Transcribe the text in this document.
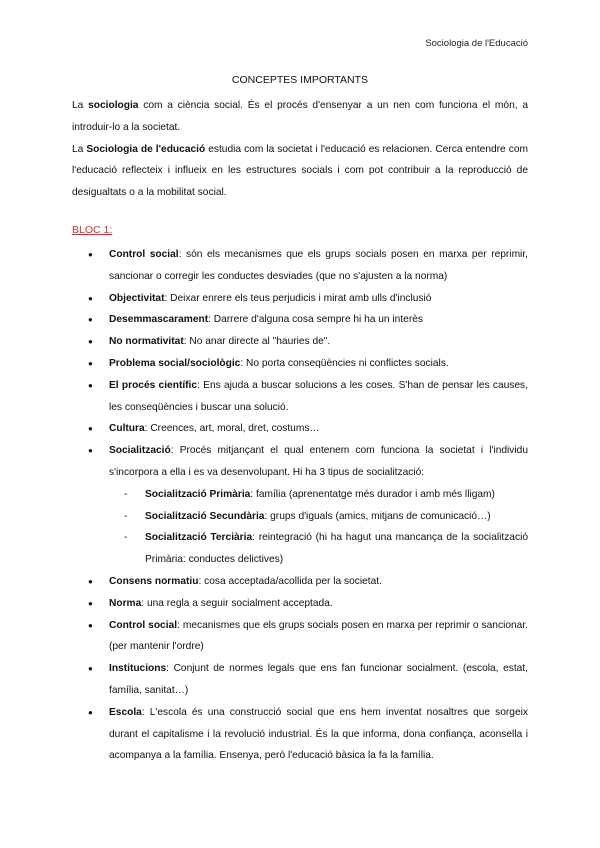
Sociologia de l'Educació
CONCEPTES IMPORTANTS
La sociologia com a ciència social. És el procés d'ensenyar a un nen com funciona el món, a introduir-lo a la societat.
La Sociologia de l'educació estudia com la societat i l'educació es relacionen. Cerca entendre com l'educació reflecteix i influeix en les estructures socials i com pot contribuir a la reproducció de desigualtats o a la mobilitat social.
BLOC 1:
● Control social: són els mecanismes que els grups socials posen en marxa per reprimir, sancionar o corregir les conductes desviades (que no s'ajusten a la norma)
● Objectivitat: Deixar enrere els teus perjudicis i mirat amb ulls d'inclusió
● Desemmascarament: Darrere d'alguna cosa sempre hi ha un interès
● No normativitat: No anar directe al "hauries de".
● Problema social/sociològic: No porta conseqüències ni conflictes socials.
● El procés científic: Ens ajuda a buscar solucions a les coses. S'han de pensar les causes, les conseqüències i buscar una solució.
● Cultura: Creences, art, moral, dret, costums…
● Socialització: Procés mitjançant el qual entenem com funciona la societat i l'individu s'incorpora a ella i es va desenvolupant. Hi ha 3 tipus de socialització:
- Socialització Primària: família (aprenentatge més durador i amb més lligam)
- Socialització Secundària: grups d'iguals (amics, mitjans de comunicació…)
- Socialització Terciària: reintegració (hi ha hagut una mancança de la socialització Primària: conductes delictives)
● Consens normatiu: cosa acceptada/acollida per la societat.
● Norma: una regla a seguir socialment acceptada.
● Control social: mecanismes que els grups socials posen en marxa per reprimir o sancionar. (per mantenir l'ordre)
● Institucions: Conjunt de normes legals que ens fan funcionar socialment. (escola, estat, família, sanitat…)
● Escola: L'escola és una construcció social que ens hem inventat nosaltres que sorgeix durant el capitalisme i la revolució industrial. És la que informa, dona confiança, aconsella i acompanya a la família. Ensenya, però l'educació bàsica la fa la família.
